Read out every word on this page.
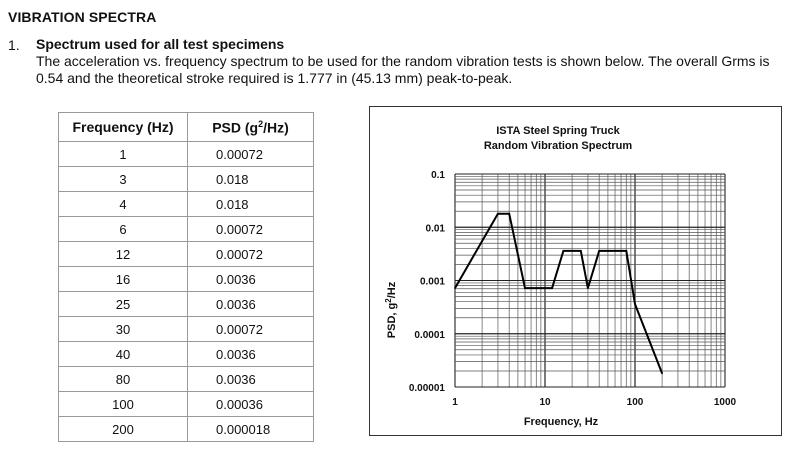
VIBRATION SPECTRA
1. Spectrum used for all test specimens
The acceleration vs. frequency spectrum to be used for the random vibration tests is shown below. The overall Grms is 0.54 and the theoretical stroke required is 1.777 in (45.13 mm) peak-to-peak.
Frequency (Hz)	PSD $(g^2/Hz)$
1	0.00072
3	0.018
4	0.018
6	0.00072
12	0.00072
16	0.0036
25	0.0036
30	0.00072
40	0.0036
80	0.0036
100	0.00036
200	0.000018
ISTA Steel Spring Truck
Random Vibration Spectrum
0.00001
0.0001
0.001
0.01
0.1
1	10	100	1000
Frequency, Hz
PSD, $g^2/Hz$
